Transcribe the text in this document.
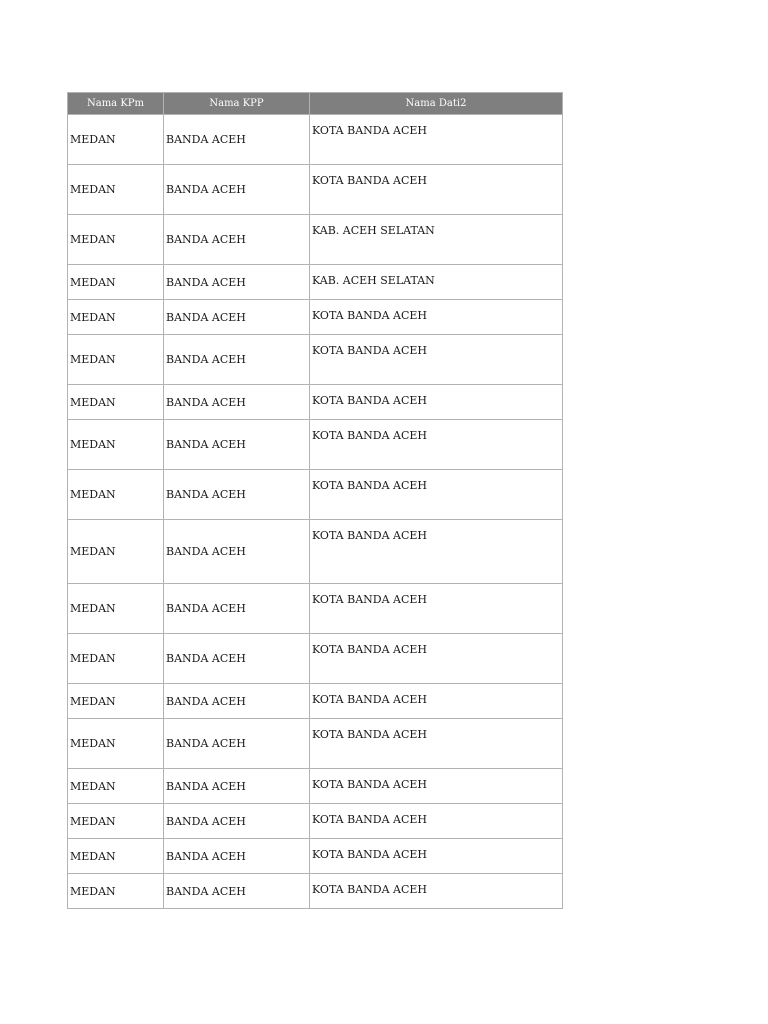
Nama KPm	Nama KPP	Nama Dati2
MEDAN	BANDA ACEH	KOTA BANDA ACEH
MEDAN	BANDA ACEH	KOTA BANDA ACEH
MEDAN	BANDA ACEH	KAB. ACEH SELATAN
MEDAN	BANDA ACEH	KAB. ACEH SELATAN
MEDAN	BANDA ACEH	KOTA BANDA ACEH
MEDAN	BANDA ACEH	KOTA BANDA ACEH
MEDAN	BANDA ACEH	KOTA BANDA ACEH
MEDAN	BANDA ACEH	KOTA BANDA ACEH
MEDAN	BANDA ACEH	KOTA BANDA ACEH
MEDAN	BANDA ACEH	KOTA BANDA ACEH
MEDAN	BANDA ACEH	KOTA BANDA ACEH
MEDAN	BANDA ACEH	KOTA BANDA ACEH
MEDAN	BANDA ACEH	KOTA BANDA ACEH
MEDAN	BANDA ACEH	KOTA BANDA ACEH
MEDAN	BANDA ACEH	KOTA BANDA ACEH
MEDAN	BANDA ACEH	KOTA BANDA ACEH
MEDAN	BANDA ACEH	KOTA BANDA ACEH
MEDAN	BANDA ACEH	KOTA BANDA ACEH
